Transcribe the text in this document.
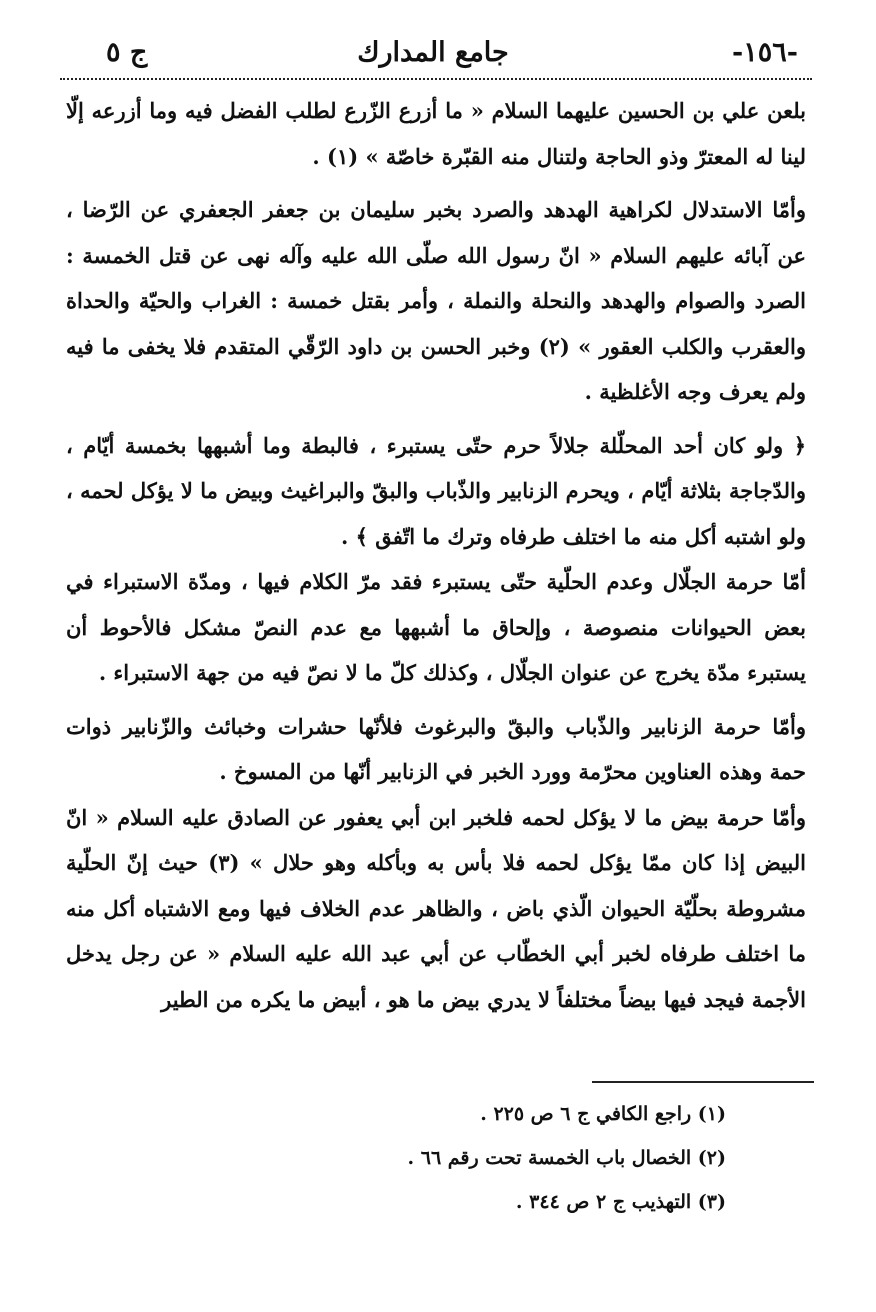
ج ٥	جامع المدارك	-١٥٦-

بلعن علي بن الحسين عليهما السلام « ما أزرع الزّرع لطلب الفضل فيه وما أزرعه إلّا لينا له المعترّ وذو الحاجة ولتنال منه القبّرة خاصّة » (١) .

وأمّا الاستدلال لكراهية الهدهد والصرد بخبر سليمان بن جعفر الجعفري عن الرّضا ، عن آبائه عليهم السلام « انّ رسول الله صلّى الله عليه وآله نهى عن قتل الخمسة : الصرد والصوام والهدهد والنحلة والنملة ، وأمر بقتل خمسة : الغراب والحيّة والحداة والعقرب والكلب العقور » (٢) وخبر الحسن بن داود الرّقّي المتقدم فلا يخفى ما فيه ولم يعرف وجه الأغلظية .

﴿ ولو كان أحد المحلّلة جلالاً حرم حتّى يستبرء ، فالبطة وما أشبهها بخمسة أيّام ، والدّجاجة بثلاثة أيّام ، ويحرم الزنابير والذّباب والبقّ والبراغيث وبيض ما لا يؤكل لحمه ، ولو اشتبه أكل منه ما اختلف طرفاه وترك ما اتّفق ﴾ .

أمّا حرمة الجلّال وعدم الحلّية حتّى يستبرء فقد مرّ الكلام فيها ، ومدّة الاستبراء في بعض الحيوانات منصوصة ، وإلحاق ما أشبهها مع عدم النصّ مشكل فالأحوط أن يستبرء مدّة يخرج عن عنوان الجلّال ، وكذلك كلّ ما لا نصّ فيه من جهة الاستبراء .

وأمّا حرمة الزنابير والذّباب والبقّ والبرغوث فلأنّها حشرات وخبائث والزّنابير ذوات حمة وهذه العناوين محرّمة وورد الخبر في الزنابير أنّها من المسوخ .

وأمّا حرمة بيض ما لا يؤكل لحمه فلخبر ابن أبي يعفور عن الصادق عليه السلام « انّ البيض إذا كان ممّا يؤكل لحمه فلا بأس به وبأكله وهو حلال » (٣) حيث إنّ الحلّية مشروطة بحلّيّة الحيوان الّذي باض ، والظاهر عدم الخلاف فيها ومع الاشتباه أكل منه ما اختلف طرفاه لخبر أبي الخطّاب عن أبي عبد الله عليه السلام « عن رجل يدخل الأجمة فيجد فيها بيضاً مختلفاً لا يدري بيض ما هو ، أبيض ما يكره من الطير

(١) راجع الكافي ج ٦ ص ٢٢٥ .

(٢) الخصال باب الخمسة تحت رقم ٦٦ .

(٣) التهذيب ج ٢ ص ٣٤٤ .
